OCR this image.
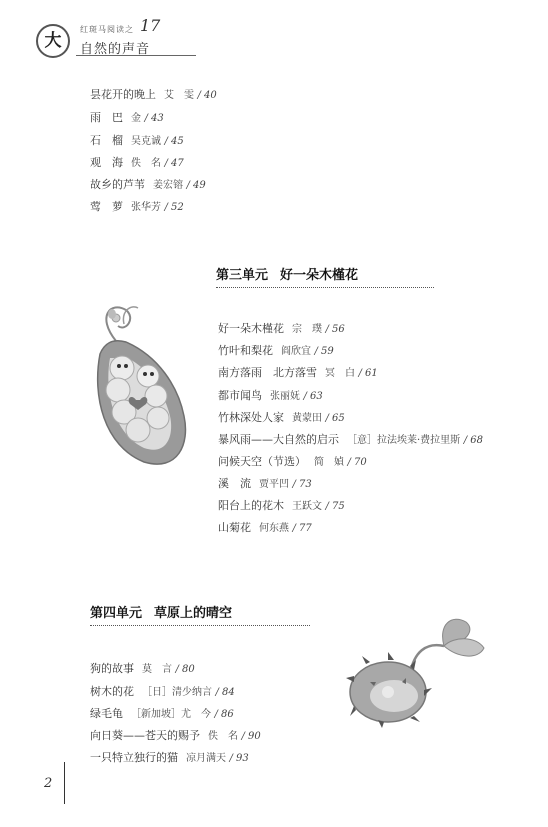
大
红斑马阅读之 17
自然的声音
昙花开的晚上 艾　雯 / 40
雨　巴 金 / 43
石　榴 吴克诚 / 45
观　海 佚　名 / 47
故乡的芦苇 姜宏镕 / 49
莺　萝 张华芳 / 52
第三单元 好一朵木槿花
好一朵木槿花 宗　璞 / 56
竹叶和梨花 阎欣宜 / 59
南方落雨　北方落雪 冥　白 / 61
都市闻鸟 张丽妩 / 63
竹林深处人家 黄蒙田 / 65
暴风雨——大自然的启示 ［意］拉法埃莱·费拉里斯 / 68
问候天空（节选） 简　媜 / 70
溪　流 贾平凹 / 73
阳台上的花木 王跃文 / 75
山菊花 何东燕 / 77
第四单元 草原上的晴空
狗的故事 莫　言 / 80
树木的花 ［日］清少纳言 / 84
绿毛龟 ［新加坡］尤　今 / 86
向日葵——苍天的赐予 佚　名 / 90
一只特立独行的猫 凉月满天 / 93
2
